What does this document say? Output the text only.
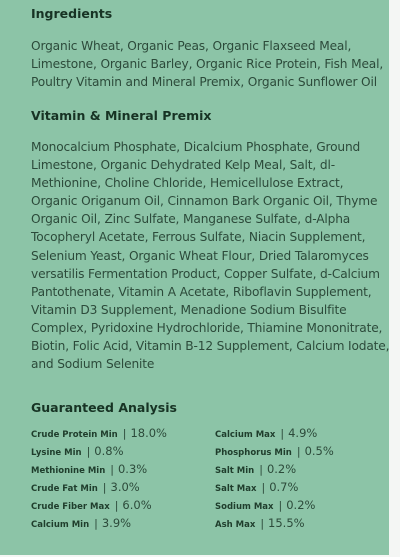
Ingredients
Organic Wheat, Organic Peas, Organic Flaxseed Meal, Limestone, Organic Barley, Organic Rice Protein, Fish Meal, Poultry Vitamin and Mineral Premix, Organic Sunflower Oil
Vitamin & Mineral Premix
Monocalcium Phosphate, Dicalcium Phosphate, Ground Limestone, Organic Dehydrated Kelp Meal, Salt, dl-Methionine, Choline Chloride, Hemicellulose Extract, Organic Origanum Oil, Cinnamon Bark Organic Oil, Thyme Organic Oil, Zinc Sulfate, Manganese Sulfate, d-Alpha Tocopheryl Acetate, Ferrous Sulfate, Niacin Supplement, Selenium Yeast, Organic Wheat Flour, Dried Talaromyces versatilis Fermentation Product, Copper Sulfate, d-Calcium Pantothenate, Vitamin A Acetate, Riboflavin Supplement, Vitamin D3 Supplement, Menadione Sodium Bisulfite Complex, Pyridoxine Hydrochloride, Thiamine Mononitrate, Biotin, Folic Acid, Vitamin B-12 Supplement, Calcium Iodate, and Sodium Selenite
Guaranteed Analysis
Crude Protein Min | 18.0%
Lysine Min | 0.8%
Methionine Min | 0.3%
Crude Fat Min | 3.0%
Crude Fiber Max | 6.0%
Calcium Min | 3.9%
Calcium Max | 4.9%
Phosphorus Min | 0.5%
Salt Min | 0.2%
Salt Max | 0.7%
Sodium Max | 0.2%
Ash Max | 15.5%
